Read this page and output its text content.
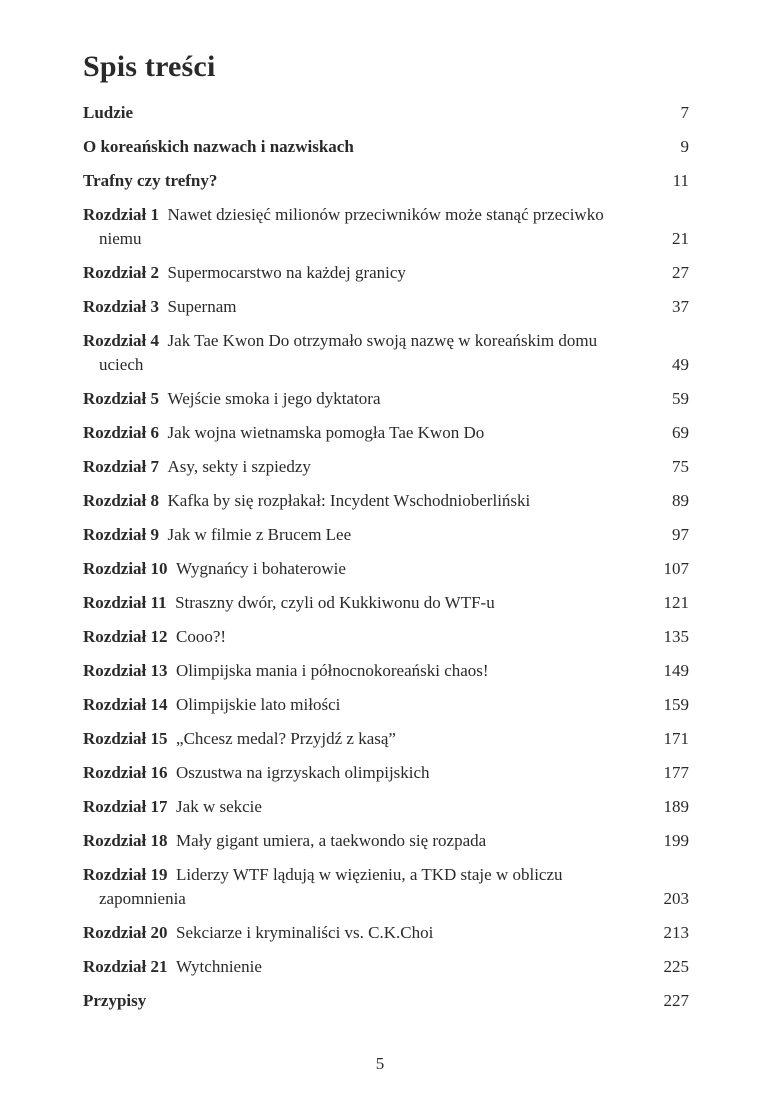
Spis treści
Ludzie	7
O koreańskich nazwach i nazwiskach	9
Trafny czy trefny?	11
Rozdział 1 Nawet dziesięć milionów przeciwników może stanąć przeciwko niemu	21
Rozdział 2 Supermocarstwo na każdej granicy	27
Rozdział 3 Supernam	37
Rozdział 4 Jak Tae Kwon Do otrzymało swoją nazwę w koreańskim domu uciech	49
Rozdział 5 Wejście smoka i jego dyktatora	59
Rozdział 6 Jak wojna wietnamska pomogła Tae Kwon Do	69
Rozdział 7 Asy, sekty i szpiedzy	75
Rozdział 8 Kafka by się rozpłakał: Incydent Wschodnioberliński	89
Rozdział 9 Jak w filmie z Brucem Lee	97
Rozdział 10 Wygnańcy i bohaterowie	107
Rozdział 11 Straszny dwór, czyli od Kukkiwonu do WTF-u	121
Rozdział 12 Cooo?!	135
Rozdział 13 Olimpijska mania i północnokoreański chaos!	149
Rozdział 14 Olimpijskie lato miłości	159
Rozdział 15 „Chcesz medal? Przyjdź z kasą”	171
Rozdział 16 Oszustwa na igrzyskach olimpijskich	177
Rozdział 17 Jak w sekcie	189
Rozdział 18 Mały gigant umiera, a taekwondo się rozpada	199
Rozdział 19 Liderzy WTF lądują w więzieniu, a TKD staje w obliczu zapomnienia	203
Rozdział 20 Sekciarze i kryminaliści vs. C.K.Choi	213
Rozdział 21 Wytchnienie	225
Przypisy	227
5
